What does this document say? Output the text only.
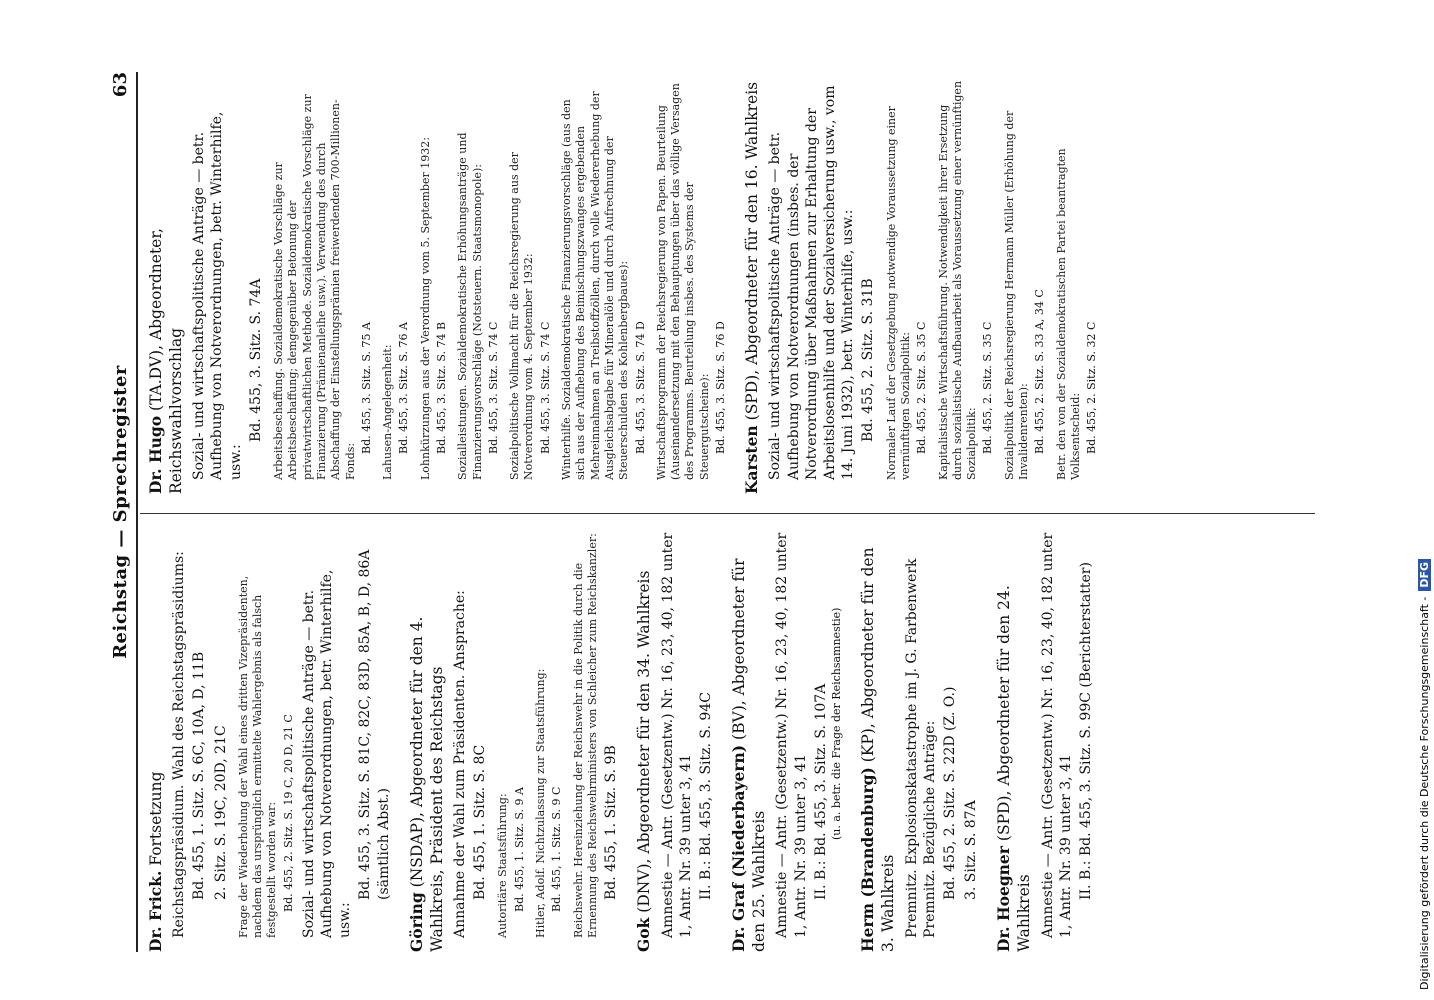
Reichstag — Sprechregister
63

Dr. Frick. Fortsetzung Reichstagspräsidium. Wahl des Reichstagspräsidiums: Bd. 455, 1. Sitz. S. 6C, 10A, D, 11B 2. Sitz. S. 19C, 20D, 21C Frage der Wiederholung der Wahl eines dritten Vizepräsidenten, nachdem das ursprünglich ermittelte Wahlergebnis als falsch festgestellt worden war: Bd. 455, 2. Sitz. S. 19 C, 20 D, 21 C Sozial- und wirtschaftspolitische Anträge — betr. Aufhebung von Notverordnungen, betr. Winterhilfe, usw.:
Bd. 455, 3. Sitz. S. 81C, 82C, 83D, 85A, B, D, 86A (sämtlich Abst.)

Göring (NSDAP), Abgeordneter für den 4. Wahlkreis, Präsident des Reichstags Annahme der Wahl zum Präsidenten. Ansprache: Bd. 455, 1. Sitz. S. 8C Autoritäre Staatsführung: Bd. 455, 1. Sitz. S. 9 A Hitler, Adolf. Nichtzulassung zur Staatsführung: Bd. 455, 1. Sitz. S. 9 C Reichswehr. Hereinziehung der Reichswehr in die Politik durch die Ernennung des Reichswehrministers von Schleicher zum Reichskanzler: Bd. 455, 1. Sitz. S. 9B

Gok (DNV), Abgeordneter für den 34. Wahlkreis Amnestie — Antr. (Gesetzentw.) Nr. 16, 23, 40, 182 unter 1, Antr. Nr. 39 unter 3, 41 II. B.: Bd. 455, 3. Sitz. S. 94C Dr. Graf (Niederbayern) (BV), Abgeordneter für den 25. Wahlkreis Amnestie — Antr. (Gesetzentw.) Nr. 16, 23, 40, 182 unter 1, Antr. Nr. 39 unter 3, 41 II. B.: Bd. 455, 3. Sitz. S. 107A (u. a. betr. die Frage der Reichsamnestie)

Herm (Brandenburg) (KP), Abgeordneter für den 3. Wahlkreis Premnitz. Explosionskatastrophe im J. G. Farbenwerk Premnitz. Bezügliche Anträge: Bd. 455, 2. Sitz. S. 22D (Z. O.) 3. Sitz. S. 87A Dr. Hoegner (SPD), Abgeordneter für den 24. Wahlkreis Amnestie — Antr. (Gesetzentw.) Nr. 16, 23, 40, 182 unter 1, Antr. Nr. 39 unter 3, 41 II. B.: Bd. 455, 3. Sitz. S. 99C (Berichterstatter)

Dr. Hugo (TA.DV), Abgeordneter, Reichswahlvorschlag Sozial- und wirtschaftspolitische Anträge — betr. Aufhebung von Notverordnungen, betr. Winterhilfe, usw.:
Bd. 455, 3. Sitz. S. 74A Arbeitsbeschaffung. Sozialdemokratische Vorschläge zur Arbeitsbeschaffung; demgegenüber Betonung der privatwirtschaftlichen Methode. Sozialdemokratische Vorschläge zur Finanzierung (Prämienanleihe usw.). Verwendung des durch Abschaffung der Einstellungsprämien freiwerdenden 700-Millionen-Fonds:
Bd. 455, 3. Sitz. S. 75 A Lahusen-Angelegenheit: Bd. 455, 3. Sitz. S. 76 A Lohnkürzungen aus der Verordnung vom 5. September 1932: Bd. 455, 3. Sitz. S. 74 B Sozialleistungen. Sozialdemokratische Erhöhungsanträge und Finanzierungsvorschläge (Notsteuern. Staatsmonopole): Bd. 455, 3. Sitz. S. 74 C Sozialpolitische Vollmacht für die Reichsregierung aus der Notverordnung vom 4. September 1932: Bd. 455, 3. Sitz. S. 74 C Winterhilfe. Sozialdemokratische Finanzierungsvorschläge (aus den sich aus der Aufhebung des Beimischungszwanges ergebenden Mehreinnahmen an Treibstoffzöllen, durch volle Wiedererhebung der Ausgleichsabgabe für Mineralöle und durch Aufrechnung der Steuerschulden des Kohlenbergbaues): Bd. 455, 3. Sitz. S. 74 D Wirtschaftsprogramm der Reichsregierung von Papen. Beurteilung (Auseinandersetzung mit den Behauptungen über das völlige Versagen des Programms. Beurteilung insbes. des Systems der Steuergutscheine): Bd. 455, 3. Sitz. S. 76 D

Karsten (SPD), Abgeordneter für den 16. Wahlkreis Sozial- und wirtschaftspolitische Anträge — betr. Aufhebung von Notverordnungen (insbes. der Notverordnung über Maßnahmen zur Erhaltung der Arbeitslosenhilfe und der Sozialversicherung usw., vom 14. Juni 1932), betr. Winterhilfe, usw.: Bd. 455, 2. Sitz. S. 31B Normaler Lauf der Gesetzgebung notwendige Voraussetzung einer vernünftigen Sozialpolitik: Bd. 455, 2. Sitz. S. 35 C Kapitalistische Wirtschaftsführung. Notwendigkeit ihrer Ersetzung durch sozialistische Aufbauarbeit als Voraussetzung einer vernünftigen Sozialpolitik: Bd. 455, 2. Sitz. S. 35 C Sozialpolitik der Reichsregierung Hermann Müller (Erhöhung der Invalidenrenten): Bd. 455, 2. Sitz. S. 33 A, 34 C Betr. den von der Sozialdemokratischen Partei beantragten Volksentscheid: Bd. 455, 2. Sitz. S. 32 C
Digitalisierung gefördert durch die Deutsche Forschungsgemeinschaft -DFG
